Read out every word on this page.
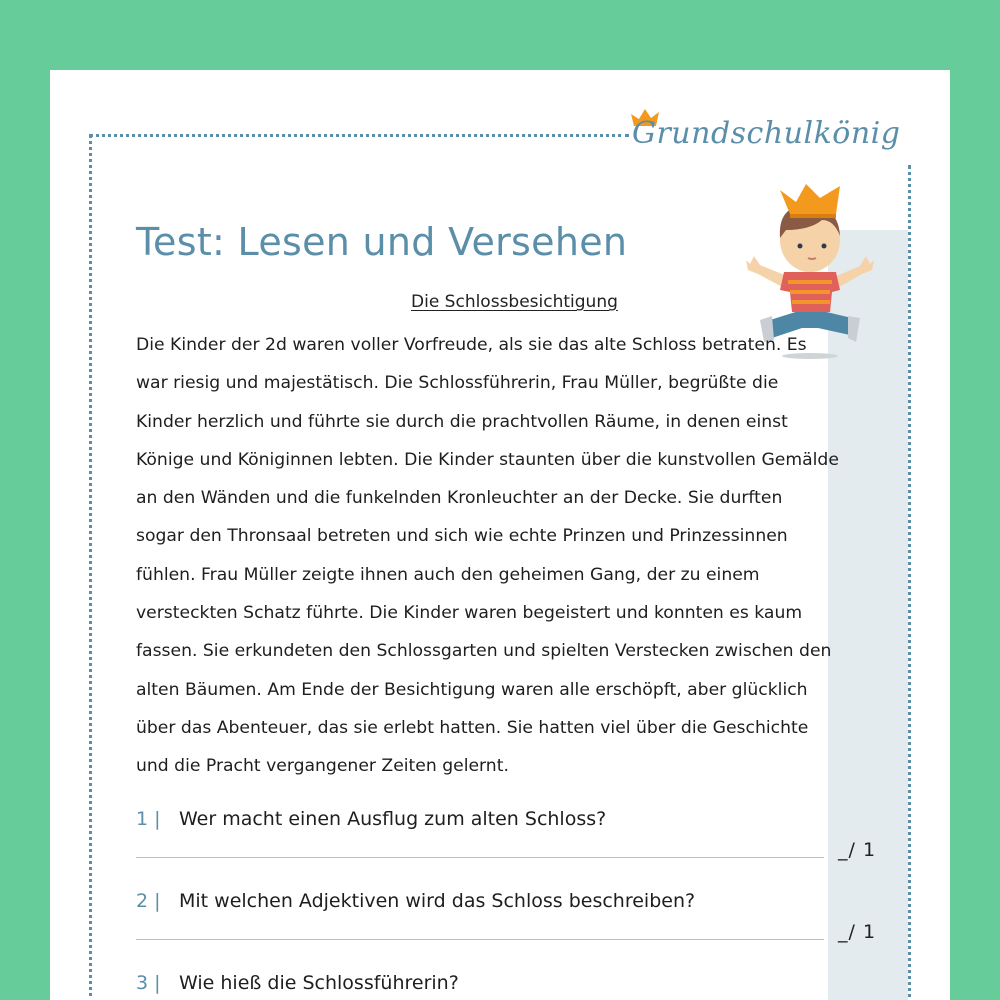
Grundschulkönig
Test: Lesen und Versehen
Die Schlossbesichtigung

Die Kinder der 2d waren voller Vorfreude, als sie das alte Schloss betraten. Es
war riesig und majestätisch. Die Schlossführerin, Frau Müller, begrüßte die
Kinder herzlich und führte sie durch die prachtvollen Räume, in denen einst
Könige und Königinnen lebten. Die Kinder staunten über die kunstvollen Gemälde
an den Wänden und die funkelnden Kronleuchter an der Decke. Sie durften
sogar den Thronsaal betreten und sich wie echte Prinzen und Prinzessinnen
fühlen. Frau Müller zeigte ihnen auch den geheimen Gang, der zu einem
versteckten Schatz führte. Die Kinder waren begeistert und konnten es kaum
fassen. Sie erkundeten den Schlossgarten und spielten Verstecken zwischen den
alten Bäumen. Am Ende der Besichtigung waren alle erschöpft, aber glücklich
über das Abenteuer, das sie erlebt hatten. Sie hatten viel über die Geschichte
und die Pracht vergangener Zeiten gelernt.

1 | Wer macht einen Ausflug zum alten Schloss?
_/ 1
2 | Mit welchen Adjektiven wird das Schloss beschreiben?
_/ 1
3 | Wie hieß die Schlossführerin?
